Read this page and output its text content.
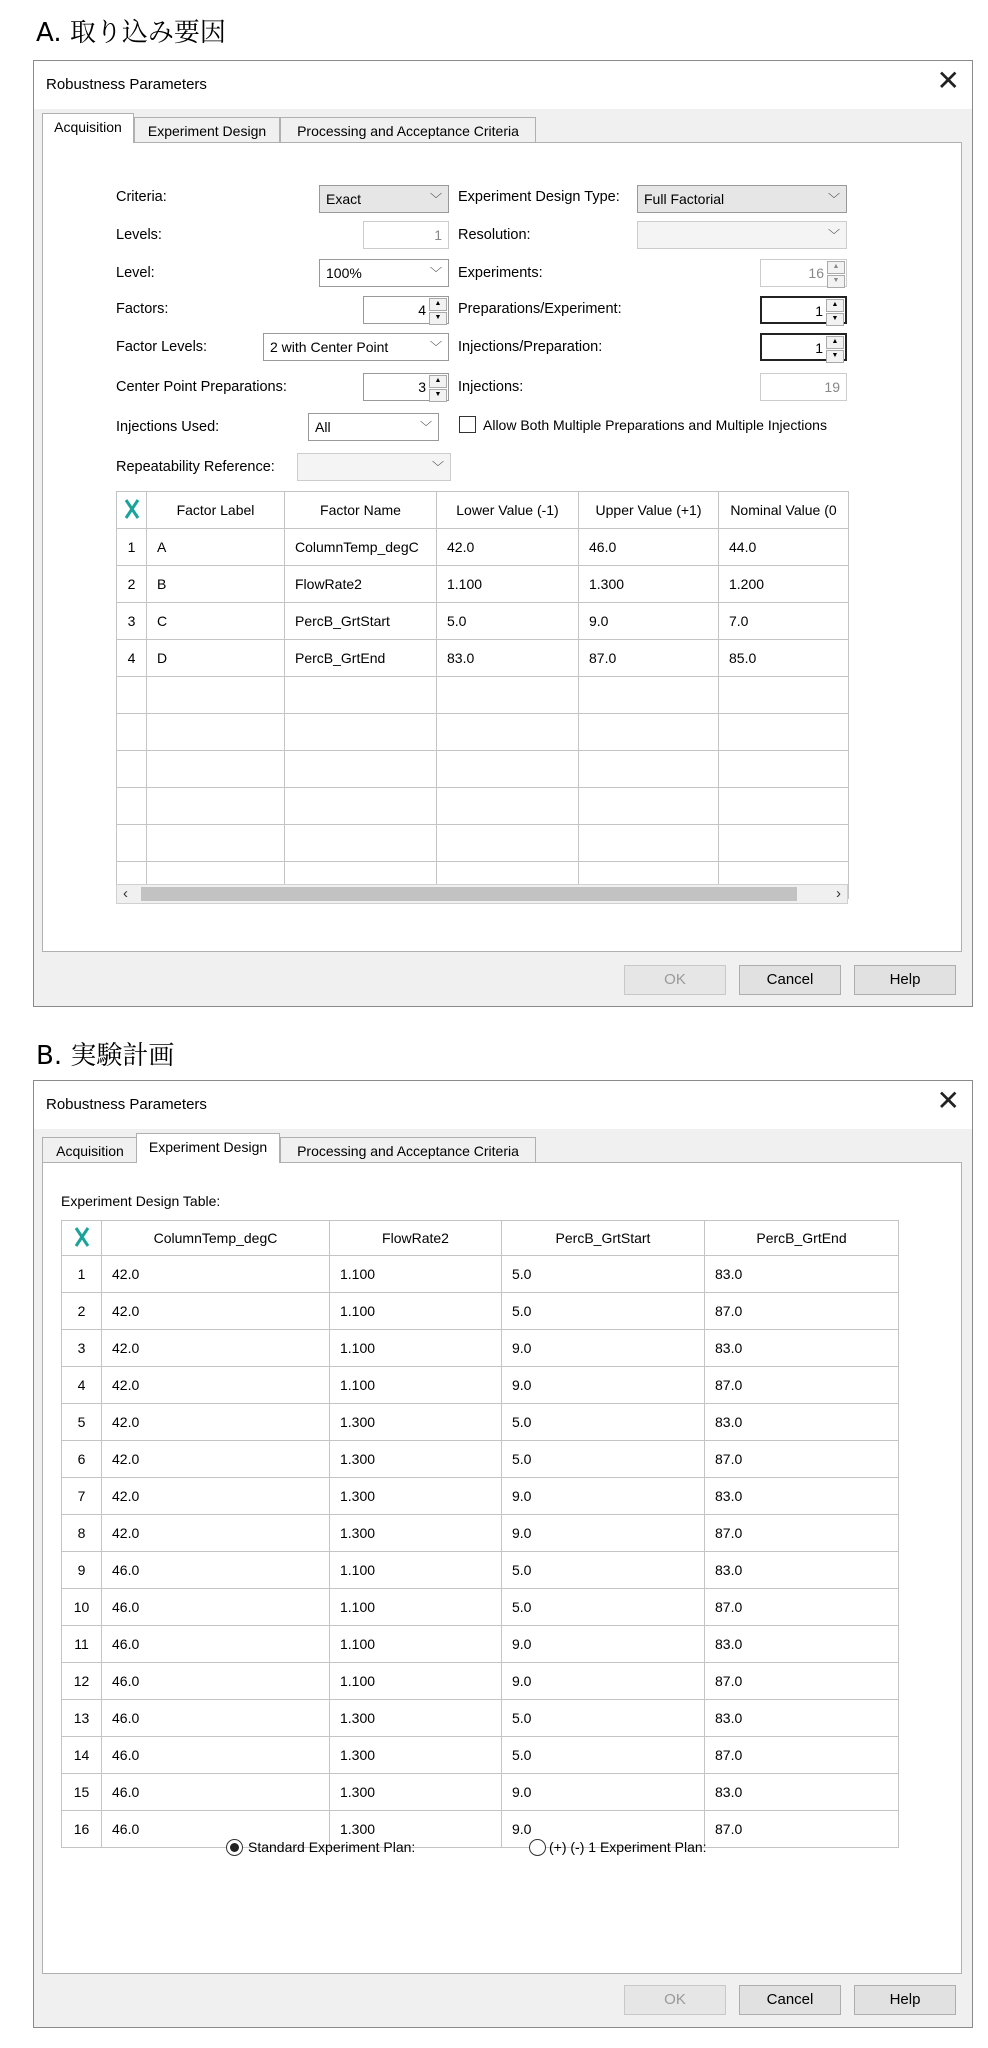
A. 取り込み要因
Robustness Parameters	✕
Acquisition	Experiment Design	Processing and Acceptance Criteria
Criteria:	Exact	﹀
Levels:	1
Level:	100%	﹀
Factors:	4	▲
▼
Factor Levels:	2 with Center Point	﹀
Center Point Preparations:	3	▲
▼
Injections Used:	All	﹀
Repeatability Reference:	﹀
Experiment Design Type:	Full Factorial	﹀
Resolution:	﹀
Experiments:	16	▲
▼
Preparations/Experiment:	1	▲
▼
Injections/Preparation:	1	▲
▼
Injections:	19
Allow Both Multiple Preparations and Multiple Injections
	Factor Label	Factor Name	Lower Value (-1)	Upper Value (+1)	Nominal Value (0
1	A	ColumnTemp_degC	42.0	46.0	44.0
2	B	FlowRate2	1.100	1.300	1.200
3	C	PercB_GrtStart	5.0	9.0	7.0
4	D	PercB_GrtEnd	83.0	87.0	85.0

‹	›
OK	Cancel	Help
B. 実験計画
Robustness Parameters	✕
Acquisition	Experiment Design	Processing and Acceptance Criteria
Experiment Design Table:
	ColumnTemp_degC	FlowRate2	PercB_GrtStart	PercB_GrtEnd
1	42.0	1.100	5.0	83.0
2	42.0	1.100	5.0	87.0
3	42.0	1.100	9.0	83.0
4	42.0	1.100	9.0	87.0
5	42.0	1.300	5.0	83.0
6	42.0	1.300	5.0	87.0
7	42.0	1.300	9.0	83.0
8	42.0	1.300	9.0	87.0
9	46.0	1.100	5.0	83.0
10	46.0	1.100	5.0	87.0
11	46.0	1.100	9.0	83.0
12	46.0	1.100	9.0	87.0
13	46.0	1.300	5.0	83.0
14	46.0	1.300	5.0	87.0
15	46.0	1.300	9.0	83.0
16	46.0	1.300	9.0	87.0
Standard Experiment Plan:	(+) (-) 1 Experiment Plan:
OK	Cancel	Help
